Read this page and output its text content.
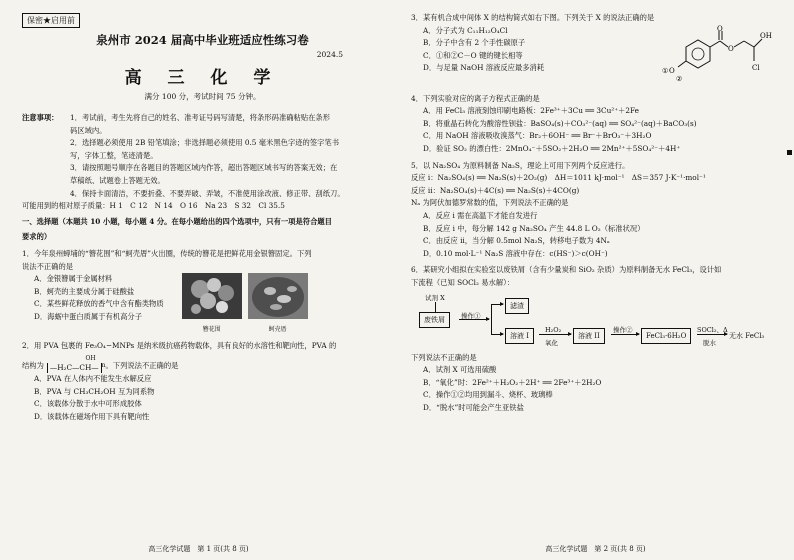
保密★启用前
泉州市 2024 届高中毕业班适应性练习卷
2024.5
高 三 化 学
满分 100 分，考试时间 75 分钟。
注意事项：	1．考试前，考生先将自己的姓名、准考证号码写清楚，将条形码准确粘贴在条形
码区域内。
2．选择题必须使用 2B 铅笔填涂；非选择题必须使用 0.5 毫米黑色字迹的签字笔书
写，字体工整，笔迹清楚。
3．请按照题号顺序在各题目的答题区域内作答，超出答题区域书写的答案无效；在
草稿纸、试题卷上答题无效。
4．保持卡面清洁，不要折叠、不要弄破、弄皱，不准使用涂改液、修正带、刮纸刀。
可能用到的相对原子质量：H 1　C 12　N 14　O 16　Na 23　S 32　Cl 35.5
一、选择题（本题共 10 小题，每小题 4 分。在每小题给出的四个选项中，只有一项是符合题目
要求的）
1．今年泉州蟳埔的“簪花围”和“蚵壳厝”火出圈，传统的簪花是把鲜花用金银簪固定。下列
说法不正确的是
A．金银簪属于金属材料
B．蚵壳的主要成分属于硅酸盐
C．某些鲜花释放的香气中含有酯类物质
D．海蛎中蛋白质属于有机高分子
簪花围	蚵壳厝
2．用 PVA 包裹的 Fe₃O₄−MNPs 是纳米级抗癌药物载体，具有良好的水溶性和靶向性，PVA 的
结构为
OH
—H₂C—CH— n 。下列说法不正确的是
A．PVA 在人体内不能发生水解反应
B．PVA 与 CH₃CH₂OH 互为同系物
C．该载体分散于水中可形成胶体
D．该载体在磁场作用下具有靶向性
高三化学试题　第 1 页(共 8 页)
3．某有机合成中间体 X 的结构简式如右下图。下列关于 X 的说法正确的是
A．分子式为 C₁₁H₁₂O₄Cl
B．分子中含有 2 个手性碳原子
C．①和②C－O 键的键长相等
D．与足量 NaOH 溶液反应最多消耗
O
O
OH
Cl
① O
②
4．下列实验对应的离子方程式正确的是
A．用 FeCl₃ 溶液刻蚀印刷电路板：2Fe³⁺＋3Cu ══ 3Cu²⁺＋2Fe
B．将重晶石转化为酸溶性钡盐：BaSO₄(s)＋CO₃²⁻(aq) ══ SO₄²⁻(aq)＋BaCO₃(s)
C．用 NaOH 溶液吸收溴蒸气：Br₂＋6OH⁻ ══ Br⁻＋BrO₃⁻＋3H₂O
D．验证 SO₂ 的漂白性：2MnO₄⁻＋5SO₂＋2H₂O ══ 2Mn²⁺＋5SO₄²⁻＋4H⁺
5．以 Na₂SO₄ 为原料制备 Na₂S，理论上可用下列两个反应进行。
反应 i：Na₂SO₄(s) ══ Na₂S(s)＋2O₂(g)　ΔH＝1011 kJ·mol⁻¹　ΔS＝357 J·K⁻¹·mol⁻¹
反应 ii：Na₂SO₄(s)＋4C(s) ══ Na₂S(s)＋4CO(g)
Nₐ 为阿伏加德罗常数的值，下列说法不正确的是
A．反应 i 需在高温下才能自发进行
B．反应 i 中，每分解 142 g Na₂SO₄ 产生 44.8 L O₂（标准状况）
C．由反应 ii，当分解 0.5mol Na₂S，转移电子数为 4Nₐ
D．0.10 mol·L⁻¹ Na₂S 溶液中存在：c(HS⁻)＞c(OH⁻)
6．某研究小组拟在实验室以废铁屑（含有少量炭和 SiO₂ 杂质）为原料制备无水 FeCl₃，设计如
下流程（已知 SOCl₂ 易水解）：
试剂 X
废铁屑	操作①
滤渣
溶液 I
H₂O₂
氧化
溶液 II
操作②
FeCl₃·6H₂O
SOCl₂、Δ
脱水
无水 FeCl₃
下列说法不正确的是
A．试剂 X 可选用硫酸
B．“氧化”时：2Fe²⁺＋H₂O₂＋2H⁺ ══ 2Fe³⁺＋2H₂O
C．操作①②均用到漏斗、烧杯、玻璃棒
D．“脱水”时可能会产生亚铁盐
高三化学试题　第 2 页(共 8 页)
